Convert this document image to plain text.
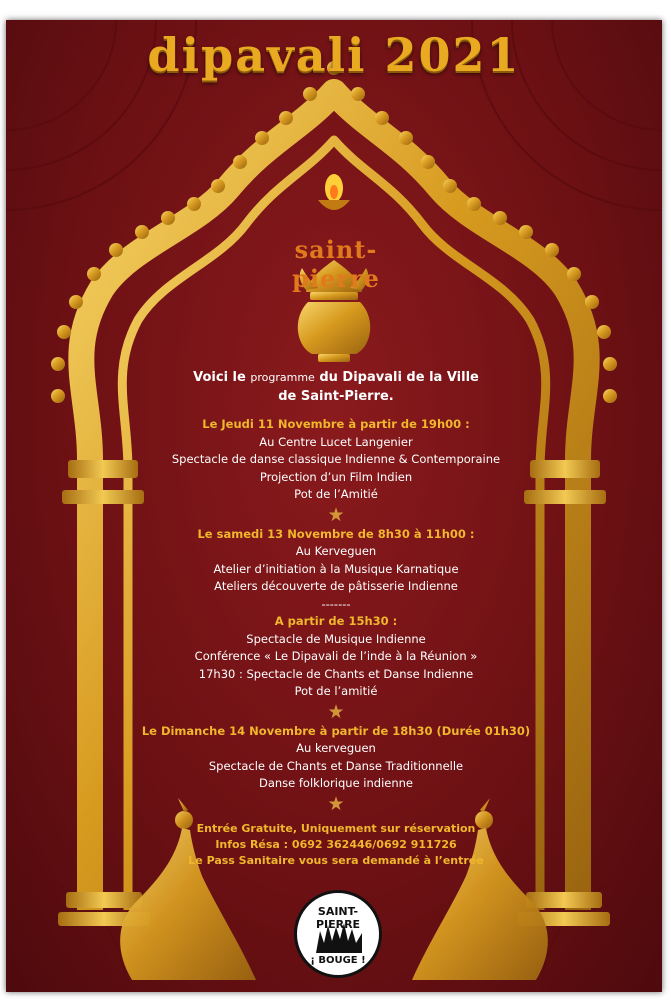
dipavali 2021
saint-pierre

Voici le programme du Dipavali de la Ville

de Saint-Pierre.

Le Jeudi 11 Novembre à partir de 19h00 :

Au Centre Lucet Langenier

Spectacle de danse classique Indienne & Contemporaine

Projection d’un Film Indien

Pot de l’Amitié

★

Le samedi 13 Novembre de 8h30 à 11h00 :

Au Kerveguen

Atelier d’initiation à la Musique Karnatique

Ateliers découverte de pâtisserie Indienne

-------

A partir de 15h30 :

Spectacle de Musique Indienne

Conférence « Le Dipavali de l’inde à la Réunion »

17h30 : Spectacle de Chants et Danse Indienne

Pot de l’amitié

★

Le Dimanche 14 Novembre à partir de 18h30 (Durée 01h30)

Au kerveguen

Spectacle de Chants et Danse Traditionnelle

Danse folklorique indienne

★

Entrée Gratuite, Uniquement sur réservation

Infos Résa : 0692 362446/0692 911726

Le Pass Sanitaire vous sera demandé à l’entrée

SAINT-PIERRE
¡ BOUGE !
